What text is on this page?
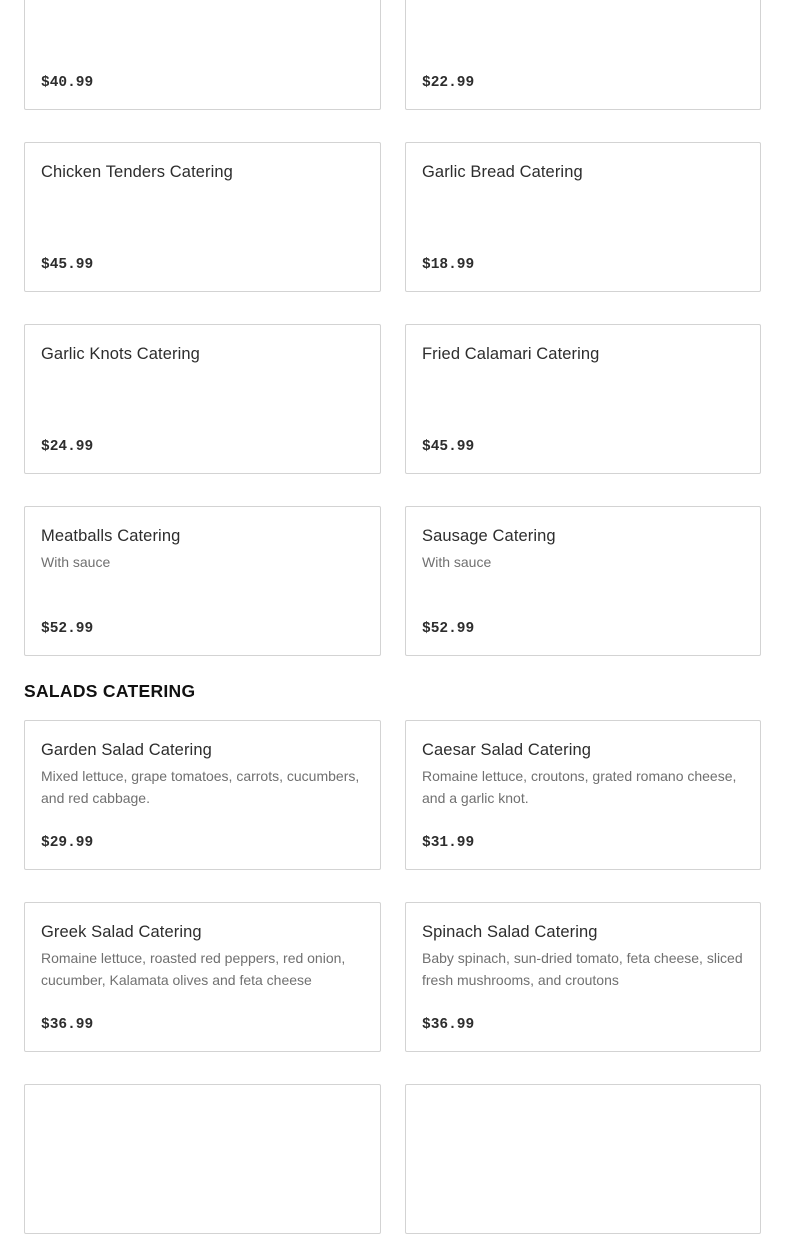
$40.99	$22.99
Chicken Tenders Catering
$45.99
Garlic Bread Catering
$18.99
Garlic Knots Catering
$24.99
Fried Calamari Catering
$45.99
Meatballs Catering
With sauce
$52.99
Sausage Catering
With sauce
$52.99
SALADS CATERING
Garden Salad Catering
Mixed lettuce, grape tomatoes, carrots, cucumbers, and red cabbage.
$29.99
Caesar Salad Catering
Romaine lettuce, croutons, grated romano cheese, and a garlic knot.
$31.99
Greek Salad Catering
Romaine lettuce, roasted red peppers, red onion, cucumber, Kalamata olives and feta cheese
$36.99
Spinach Salad Catering
Baby spinach, sun-dried tomato, feta cheese, sliced fresh mushrooms, and croutons
$36.99
